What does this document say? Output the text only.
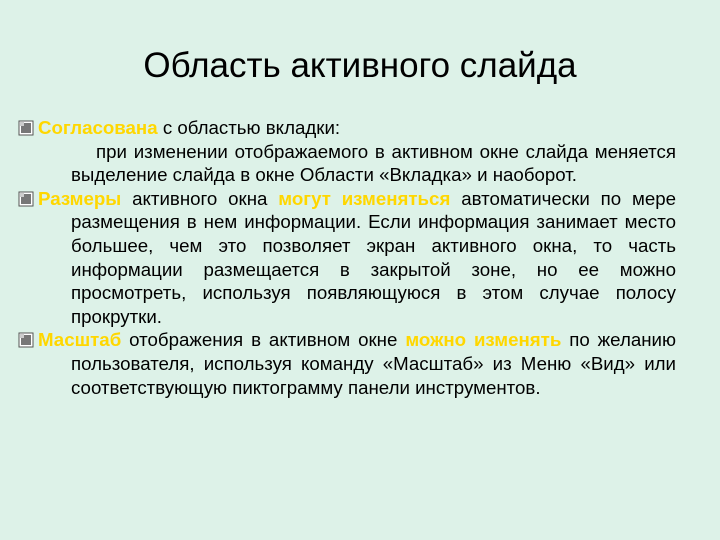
Область активного слайда
Согласована с областью вкладки:
при изменении отображаемого в активном окне слайда меняется выделение слайда в окне Области «Вкладка» и наоборот.
Размеры активного окна могут изменяться автоматически по мере размещения в нем информации. Если информация занимает место большее, чем это позволяет экран активного окна, то часть информации размещается в закрытой зоне, но ее можно просмотреть, используя появляющуюся в этом случае полосу прокрутки.
Масштаб отображения в активном окне можно изменять по желанию пользователя, используя команду «Масштаб» из Меню «Вид» или соответствующую пиктограмму панели инструментов.
